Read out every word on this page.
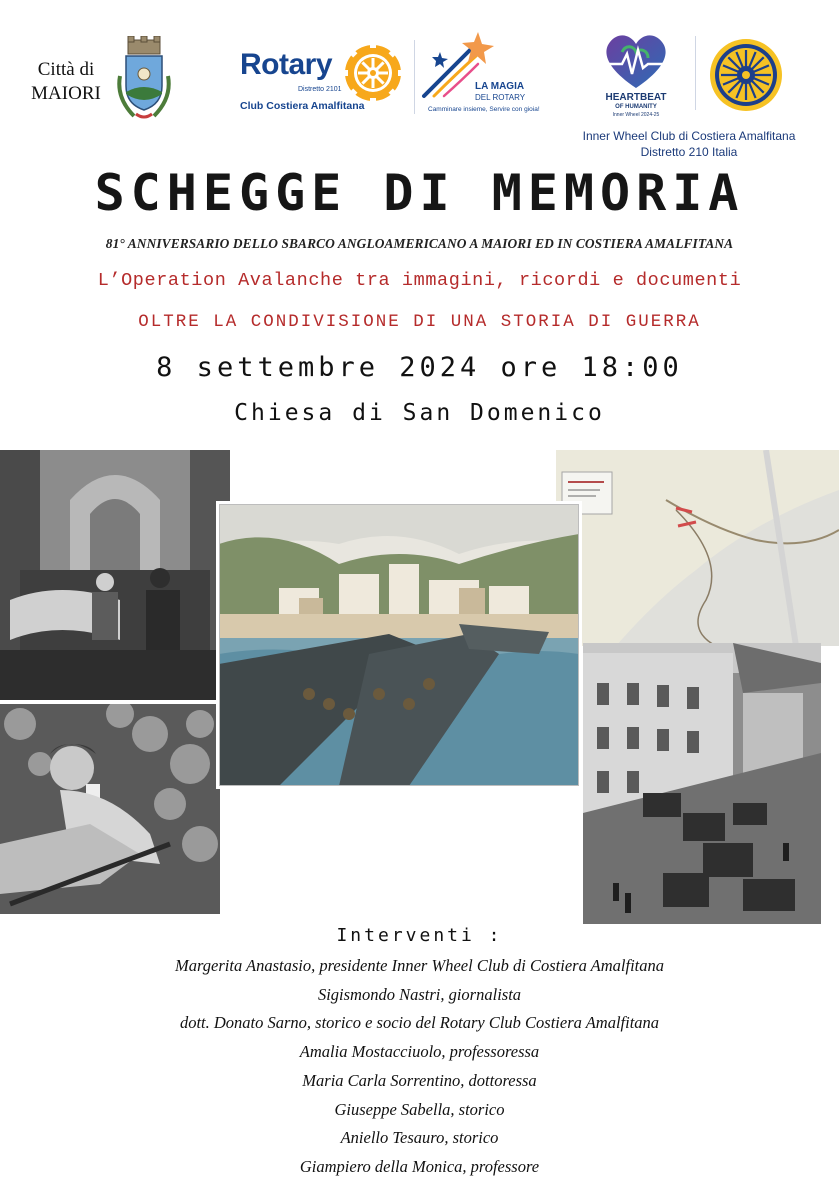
Città di
MAIORI
Rotary
Distretto 2101
Club Costiera Amalfitana
LA MAGIA
DEL ROTARY
Camminare insieme, Servire con gioia!
HEARTBEAT
OF HUMANITY
Inner Wheel 2024-25
Inner Wheel Club di Costiera Amalfitana
Distretto 210 Italia
SCHEGGE DI MEMORIA
81° ANNIVERSARIO DELLO SBARCO ANGLOAMERICANO A MAIORI ED IN COSTIERA AMALFITANA
L’Operation Avalanche tra immagini, ricordi e documenti
OLTRE LA CONDIVISIONE DI UNA STORIA DI GUERRA
8 settembre 2024 ore 18:00
Chiesa di San Domenico
Interventi :
Margerita Anastasio, presidente Inner Wheel Club di Costiera Amalfitana
Sigismondo Nastri, giornalista
dott. Donato Sarno, storico e socio del Rotary Club Costiera Amalfitana
Amalia Mostacciuolo, professoressa
Maria Carla Sorrentino, dottoressa
Giuseppe Sabella, storico
Aniello Tesauro, storico
Giampiero della Monica, professore
